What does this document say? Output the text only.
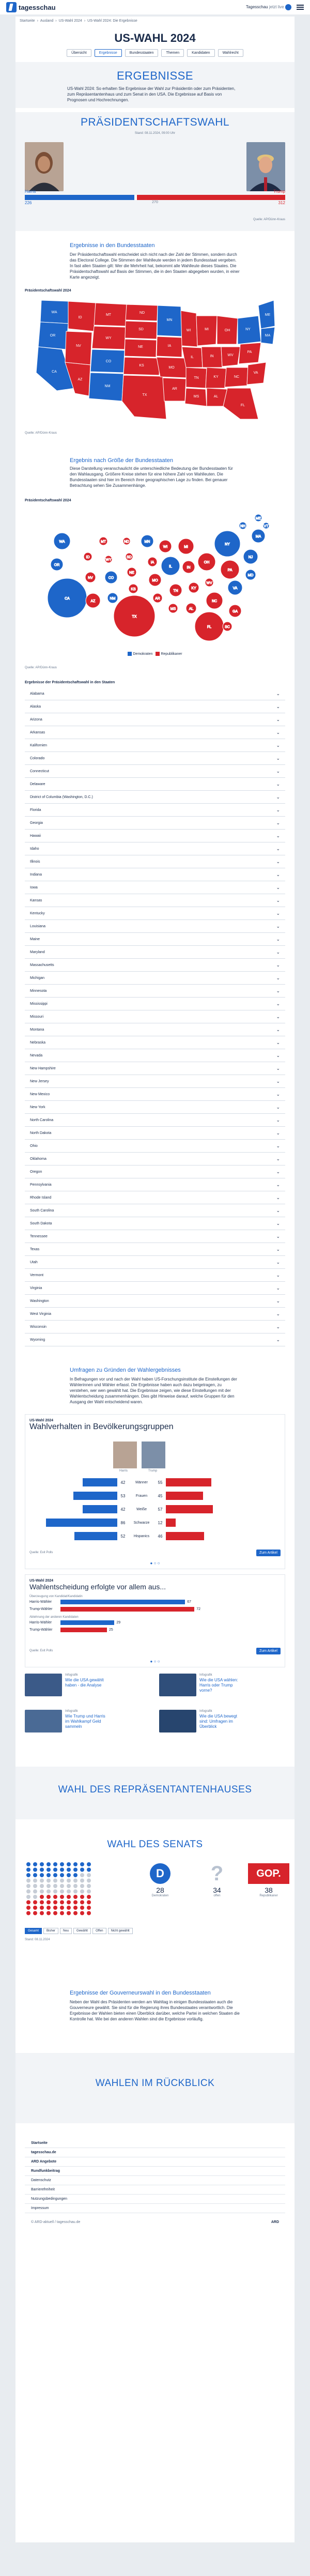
tagesschau	Tagesschau jetzt live
Startseite › Ausland › US-Wahl 2024 › US-Wahl 2024: Die Ergebnisse
US-WAHL 2024
Übersicht	Ergebnisse	Bundesstaaten	Themen	Kandidaten	Wahlrecht
ERGEBNISSE

US-Wahl 2024: So erhalten Sie Ergebnisse der Wahl zur Präsidentin oder zum Präsidenten, zum Repräsentantenhaus und zum Senat in den USA. Die Ergebnisse auf Basis von Prognosen und Hochrechnungen.

PRÄSIDENTSCHAFTSWAHL
Stand: 08.11.2024, 09:00 Uhr
226
Harris	Trump
312
270
Quelle: AP/Dünn-Kraus
Ergebnisse in den Bundesstaaten

Der Präsidentschaftswahl entscheidet sich nicht nach der Zahl der Stimmen, sondern durch das Electoral College. Die Stimmen der Wahlleute werden in jedem Bundesstaat vergeben. In fast allen Staaten gilt: Wer die Mehrheit hat, bekommt alle Wahlleute dieses Staates. Die Präsidentschaftswahl auf Basis der Stimmen, die in den Staaten abgegeben wurden, in einer Karte angezeigt.

Präsidentschaftswahl 2024
WA
OR
CA
ID
NV
AZ
MT
WY
CO
NM
ND
SD
NE
KS
TX
MN
IA
MO
AR
WI
IL
TN
MS
MI
IN
KY
AL
OH
WV
NC
FL
NY
PA
VA
ME
MA
Quelle: AP/Dünn-Kraus
Ergebnis nach Größe der Bundesstaaten

Diese Darstellung veranschaulicht die unterschiedliche Bedeutung der Bundesstaaten für den Wahlausgang. Größere Kreise stehen für eine höhere Zahl von Wahlleuten. Die Bundesstaaten sind hier im Bereich ihrer geographischen Lage zu finden. Bei genauer Betrachtung sehen Sie Zusammenhänge.

Präsidentschaftswahl 2024
WA
OR
CA
ID
NV
AZ
MT
WY
CO
NM
ND
SD
NE
KS
TX
MN
IA
MO
AR
WI
IL
TN
MS
MI
IN
KY
AL
OH
WV
NC
FL
NY
PA
VA
GA
SC
NJ
MD
MA
ME
VT
NH
Demokraten Republikaner
Quelle: AP/Dünn-Kraus
Ergebnisse der Präsidentschaftswahl in den Staaten
Alabama	⌄
Alaska	⌄
Arizona	⌄
Arkansas	⌄
Kalifornien	⌄
Colorado	⌄
Connecticut	⌄
Delaware	⌄
District of Columbia (Washington, D.C.)	⌄
Florida	⌄
Georgia	⌄
Hawaii	⌄
Idaho	⌄
Illinois	⌄
Indiana	⌄
Iowa	⌄
Kansas	⌄
Kentucky	⌄
Louisiana	⌄
Maine	⌄
Maryland	⌄
Massachusetts	⌄
Michigan	⌄
Minnesota	⌄
Mississippi	⌄
Missouri	⌄
Montana	⌄
Nebraska	⌄
Nevada	⌄
New Hampshire	⌄
New Jersey	⌄
New Mexico	⌄
New York	⌄
North Carolina	⌄
North Dakota	⌄
Ohio	⌄
Oklahoma	⌄
Oregon	⌄
Pennsylvania	⌄
Rhode Island	⌄
South Carolina	⌄
South Dakota	⌄
Tennessee	⌄
Texas	⌄
Utah	⌄
Vermont	⌄
Virginia	⌄
Washington	⌄
West Virginia	⌄
Wisconsin	⌄
Wyoming	⌄
Umfragen zu Gründen der Wahlergebnisses

In Befragungen vor und nach der Wahl haben US-Forschungsinstitute die Einstellungen der Wählerinnen und Wähler erfasst. Die Ergebnisse haben auch dazu beigetragen, zu verstehen, wer wen gewählt hat. Die Ergebnisse zeigen, wie diese Einstellungen mit der Wahlentscheidung zusammenhängen. Dies gibt Hinweise darauf, welche Gruppen für den Ausgang der Wahl entscheidend waren.

US-Wahl 2024
Wahlverhalten in Bevölkerungsgruppen
Harris	Trump
42	Männer	55
53	Frauen	45
42	Weiße	57
86	Schwarze	12
52	Hispanics	46
Quelle: Exit Polls	Zum Artikel
● ○ ○
US-Wahl 2024
Wahlentscheidung erfolgte vor allem aus...
Überzeugung von Kandidat/Kandidatin
Harris-Wähler	67
Trump-Wähler	72
Ablehnung der anderen Kandidaten
Harris-Wähler	29
Trump-Wähler	25
Quelle: Exit Polls	Zum Artikel
● ○ ○
Infografik
Wie die USA gewählt haben - die Analyse
Infografik
Wie die USA wählen: Harris oder Trump vorne?
Infografik
Wie Trump und Harris im Wahlkampf Geld sammeln
Infografik
Wie die USA bewegt sind: Umfragen im Überblick
WAHL DES REPRÄSENTANTENHAUSES
WAHL DES SENATS
D
28
Demokraten
?
34
offen
GOP.
38
Republikaner
Gesamt	Bisher	Neu	Gewählt	Offen	Nicht gewählt
Stand: 08.11.2024
Ergebnisse der Gouverneurswahl in den Bundesstaaten

Neben der Wahl des Präsidenten werden am Wahltag in einigen Bundesstaaten auch die Gouverneure gewählt. Sie sind für die Regierung ihres Bundesstaates verantwortlich. Die Ergebnisse der Wahlen bieten einen Überblick darüber, welche Partei in welchen Staaten die Kontrolle hat. Wie bei den anderen Wahlen sind die Ergebnisse vorläufig.

WAHLEN IM RÜCKBLICK
Startseite
tagesschau.de
ARD Angebote
Rundfunkbeitrag
Datenschutz
Barrierefreiheit
Nutzungsbedingungen
Impressum
© ARD-aktuell / tagesschau.de	ARD
